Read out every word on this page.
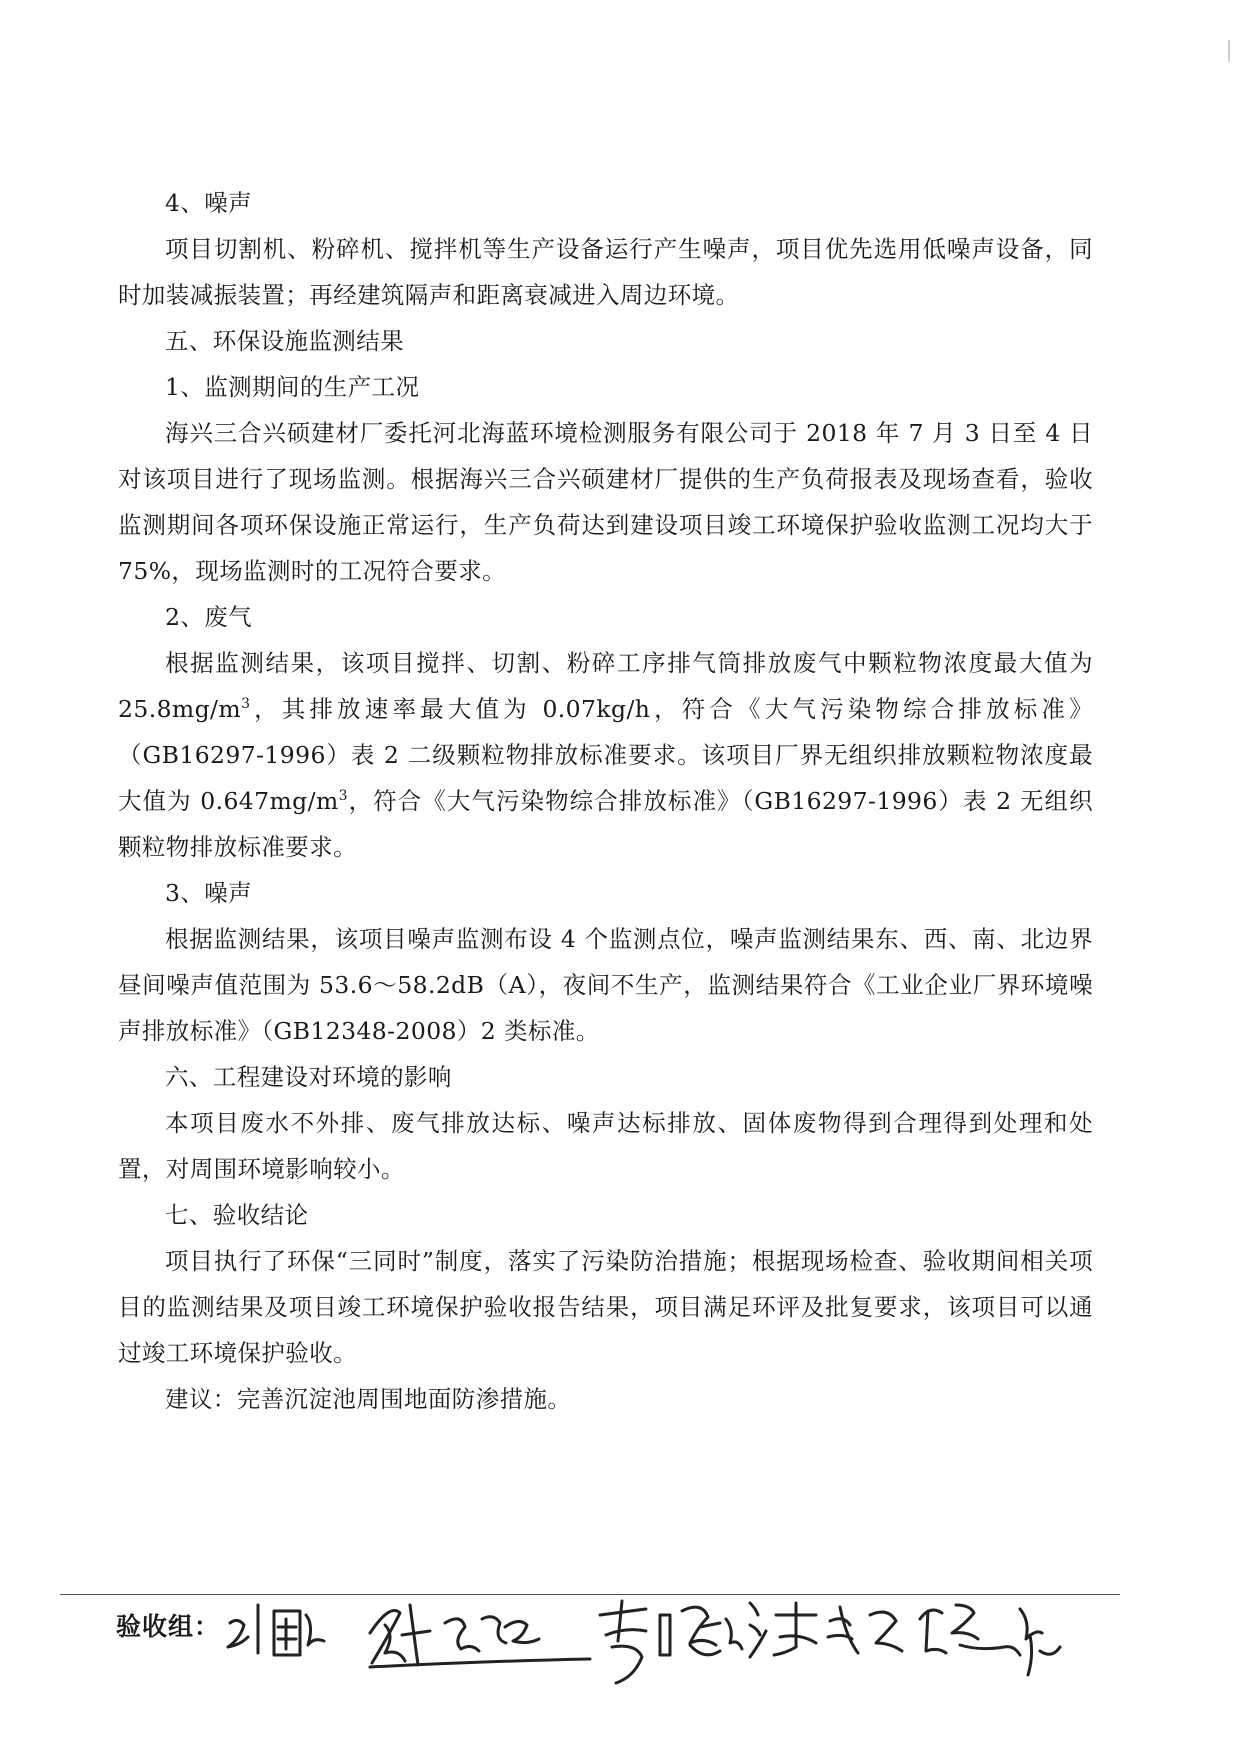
4、噪声

项目切割机、粉碎机、搅拌机等生产设备运行产生噪声，项目优先选用低噪声设备，同时加装减振装置；再经建筑隔声和距离衰减进入周边环境。

五、环保设施监测结果

1、监测期间的生产工况

海兴三合兴硕建材厂委托河北海蓝环境检测服务有限公司于 2018 年 7 月 3 日至 4 日对该项目进行了现场监测。根据海兴三合兴硕建材厂提供的生产负荷报表及现场查看，验收监测期间各项环保设施正常运行，生产负荷达到建设项目竣工环境保护验收监测工况均大于 75%，现场监测时的工况符合要求。

2、废气

根据监测结果，该项目搅拌、切割、粉碎工序排气筒排放废气中颗粒物浓度最大值为 $25.8mg/m^3$，其排放速率最大值为 0.07kg/h，符合《大气污染物综合排放标准》（GB16297-1996）表 2 二级颗粒物排放标准要求。该项目厂界无组织排放颗粒物浓度最大值为 $0.647mg/m^3$，符合《大气污染物综合排放标准》（GB16297-1996）表 2 无组织颗粒物排放标准要求。

3、噪声

根据监测结果，该项目噪声监测布设 4 个监测点位，噪声监测结果东、西、南、北边界昼间噪声值范围为 53.6～58.2dB（A），夜间不生产，监测结果符合《工业企业厂界环境噪声排放标准》（GB12348-2008）2 类标准。

六、工程建设对环境的影响

本项目废水不外排、废气排放达标、噪声达标排放、固体废物得到合理得到处理和处置，对周围环境影响较小。

七、验收结论

项目执行了环保“三同时”制度，落实了污染防治措施；根据现场检查、验收期间相关项目的监测结果及项目竣工环境保护验收报告结果，项目满足环评及批复要求，该项目可以通过竣工环境保护验收。

建议：完善沉淀池周围地面防渗措施。

验收组：
